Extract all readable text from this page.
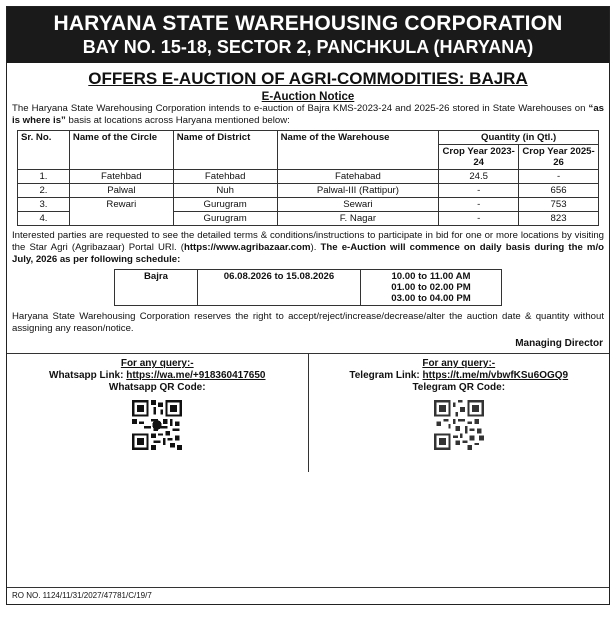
HARYANA STATE WAREHOUSING CORPORATION
BAY NO. 15-18, SECTOR 2, PANCHKULA (HARYANA)
OFFERS E-AUCTION OF AGRI-COMMODITIES: BAJRA
E-Auction Notice
The Haryana State Warehousing Corporation intends to e-auction of Bajra KMS-2023-24 and 2025-26 stored in State Warehouses on “as is where is” basis at locations across Haryana mentioned below:
Sr. No.	Name of the Circle	Name of District	Name of the Warehouse	Quantity (in Qtl.)	
				Crop Year 2023-24	Crop Year 2025-26
1.	Fatehbad	Fatehbad	Fatehabad	24.5	-
2.	Palwal	Nuh	Palwal-III (Rattipur)	-	656
3.	Rewari	Gurugram	Sewari	-	753
4.		Gurugram	F. Nagar	-	823
Interested parties are requested to see the detailed terms & conditions/instructions to participate in bid for one or more locations by visiting the Star Agri (Agribazaar) Portal URl. (https://www.agribazaar.com). The e-Auction will commence on daily basis during the m/o July, 2026 as per following schedule:
Bajra	06.08.2026 to 15.08.2026	10.00 to 11.00 AM
01.00 to 02.00 PM
03.00 to 04.00 PM
Haryana State Warehousing Corporation reserves the right to accept/reject/increase/decrease/alter the auction date & quantity without assigning any reason/notice.
Managing Director
For any query:-
Whatsapp Link: https://wa.me/+918360417650
Whatsapp QR Code:
For any query:-
Telegram Link: https://t.me/m/vbwfKSu6OGQ9
Telegram QR Code:
RO NO. 1124/11/31/2027/47781/C/19/7
